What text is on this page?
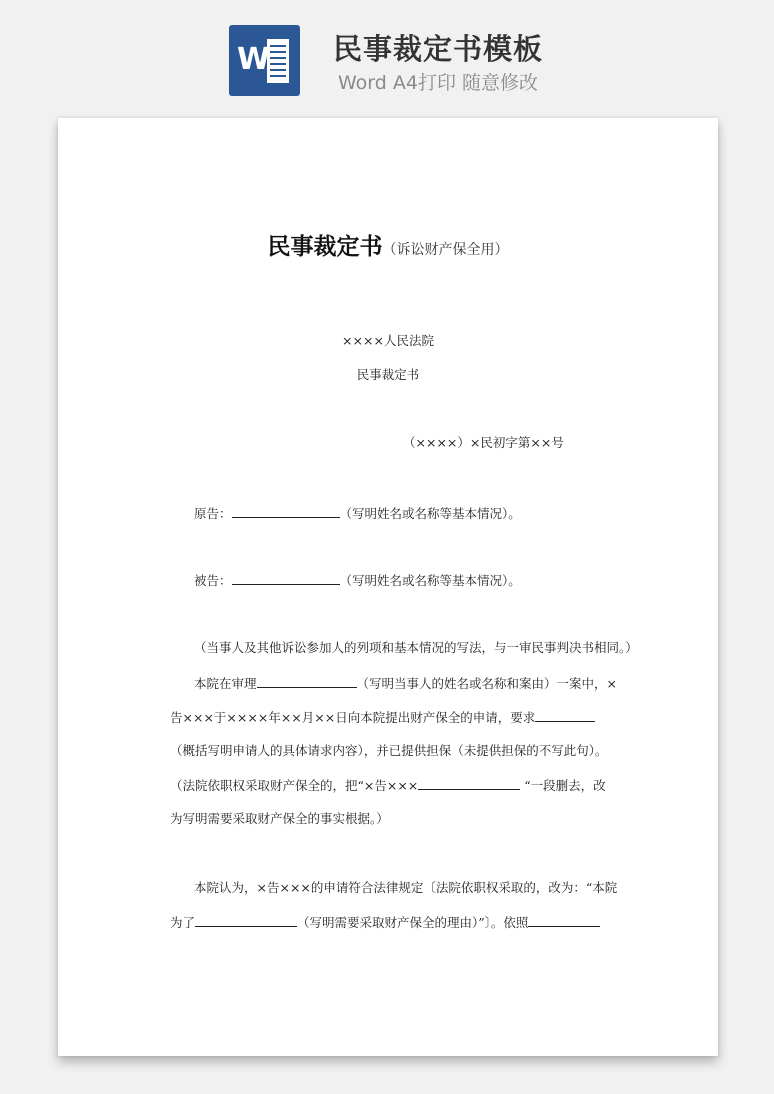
W	民事裁定书模板
Word A4打印 随意修改
民事裁定书（诉讼财产保全用）
××××人民法院
民事裁定书
（××××）×民初字第××号
原告：	（写明姓名或名称等基本情况）。
被告：	（写明姓名或名称等基本情况）。
（当事人及其他诉讼参加人的列项和基本情况的写法，与一审民事判决书相同。）
本院在审理	（写明当事人的姓名或名称和案由）一案中，×
告×××于××××年××月××日向本院提出财产保全的申请，要求
（概括写明申请人的具体请求内容），并已提供担保（未提供担保的不写此句）。
（法院依职权采取财产保全的，把“×告×××	“一段删去，改
为写明需要采取财产保全的事实根据。）
本院认为，×告×××的申请符合法律规定〔法院依职权采取的，改为：“本院
为了	（写明需要采取财产保全的理由）”〕。依照
